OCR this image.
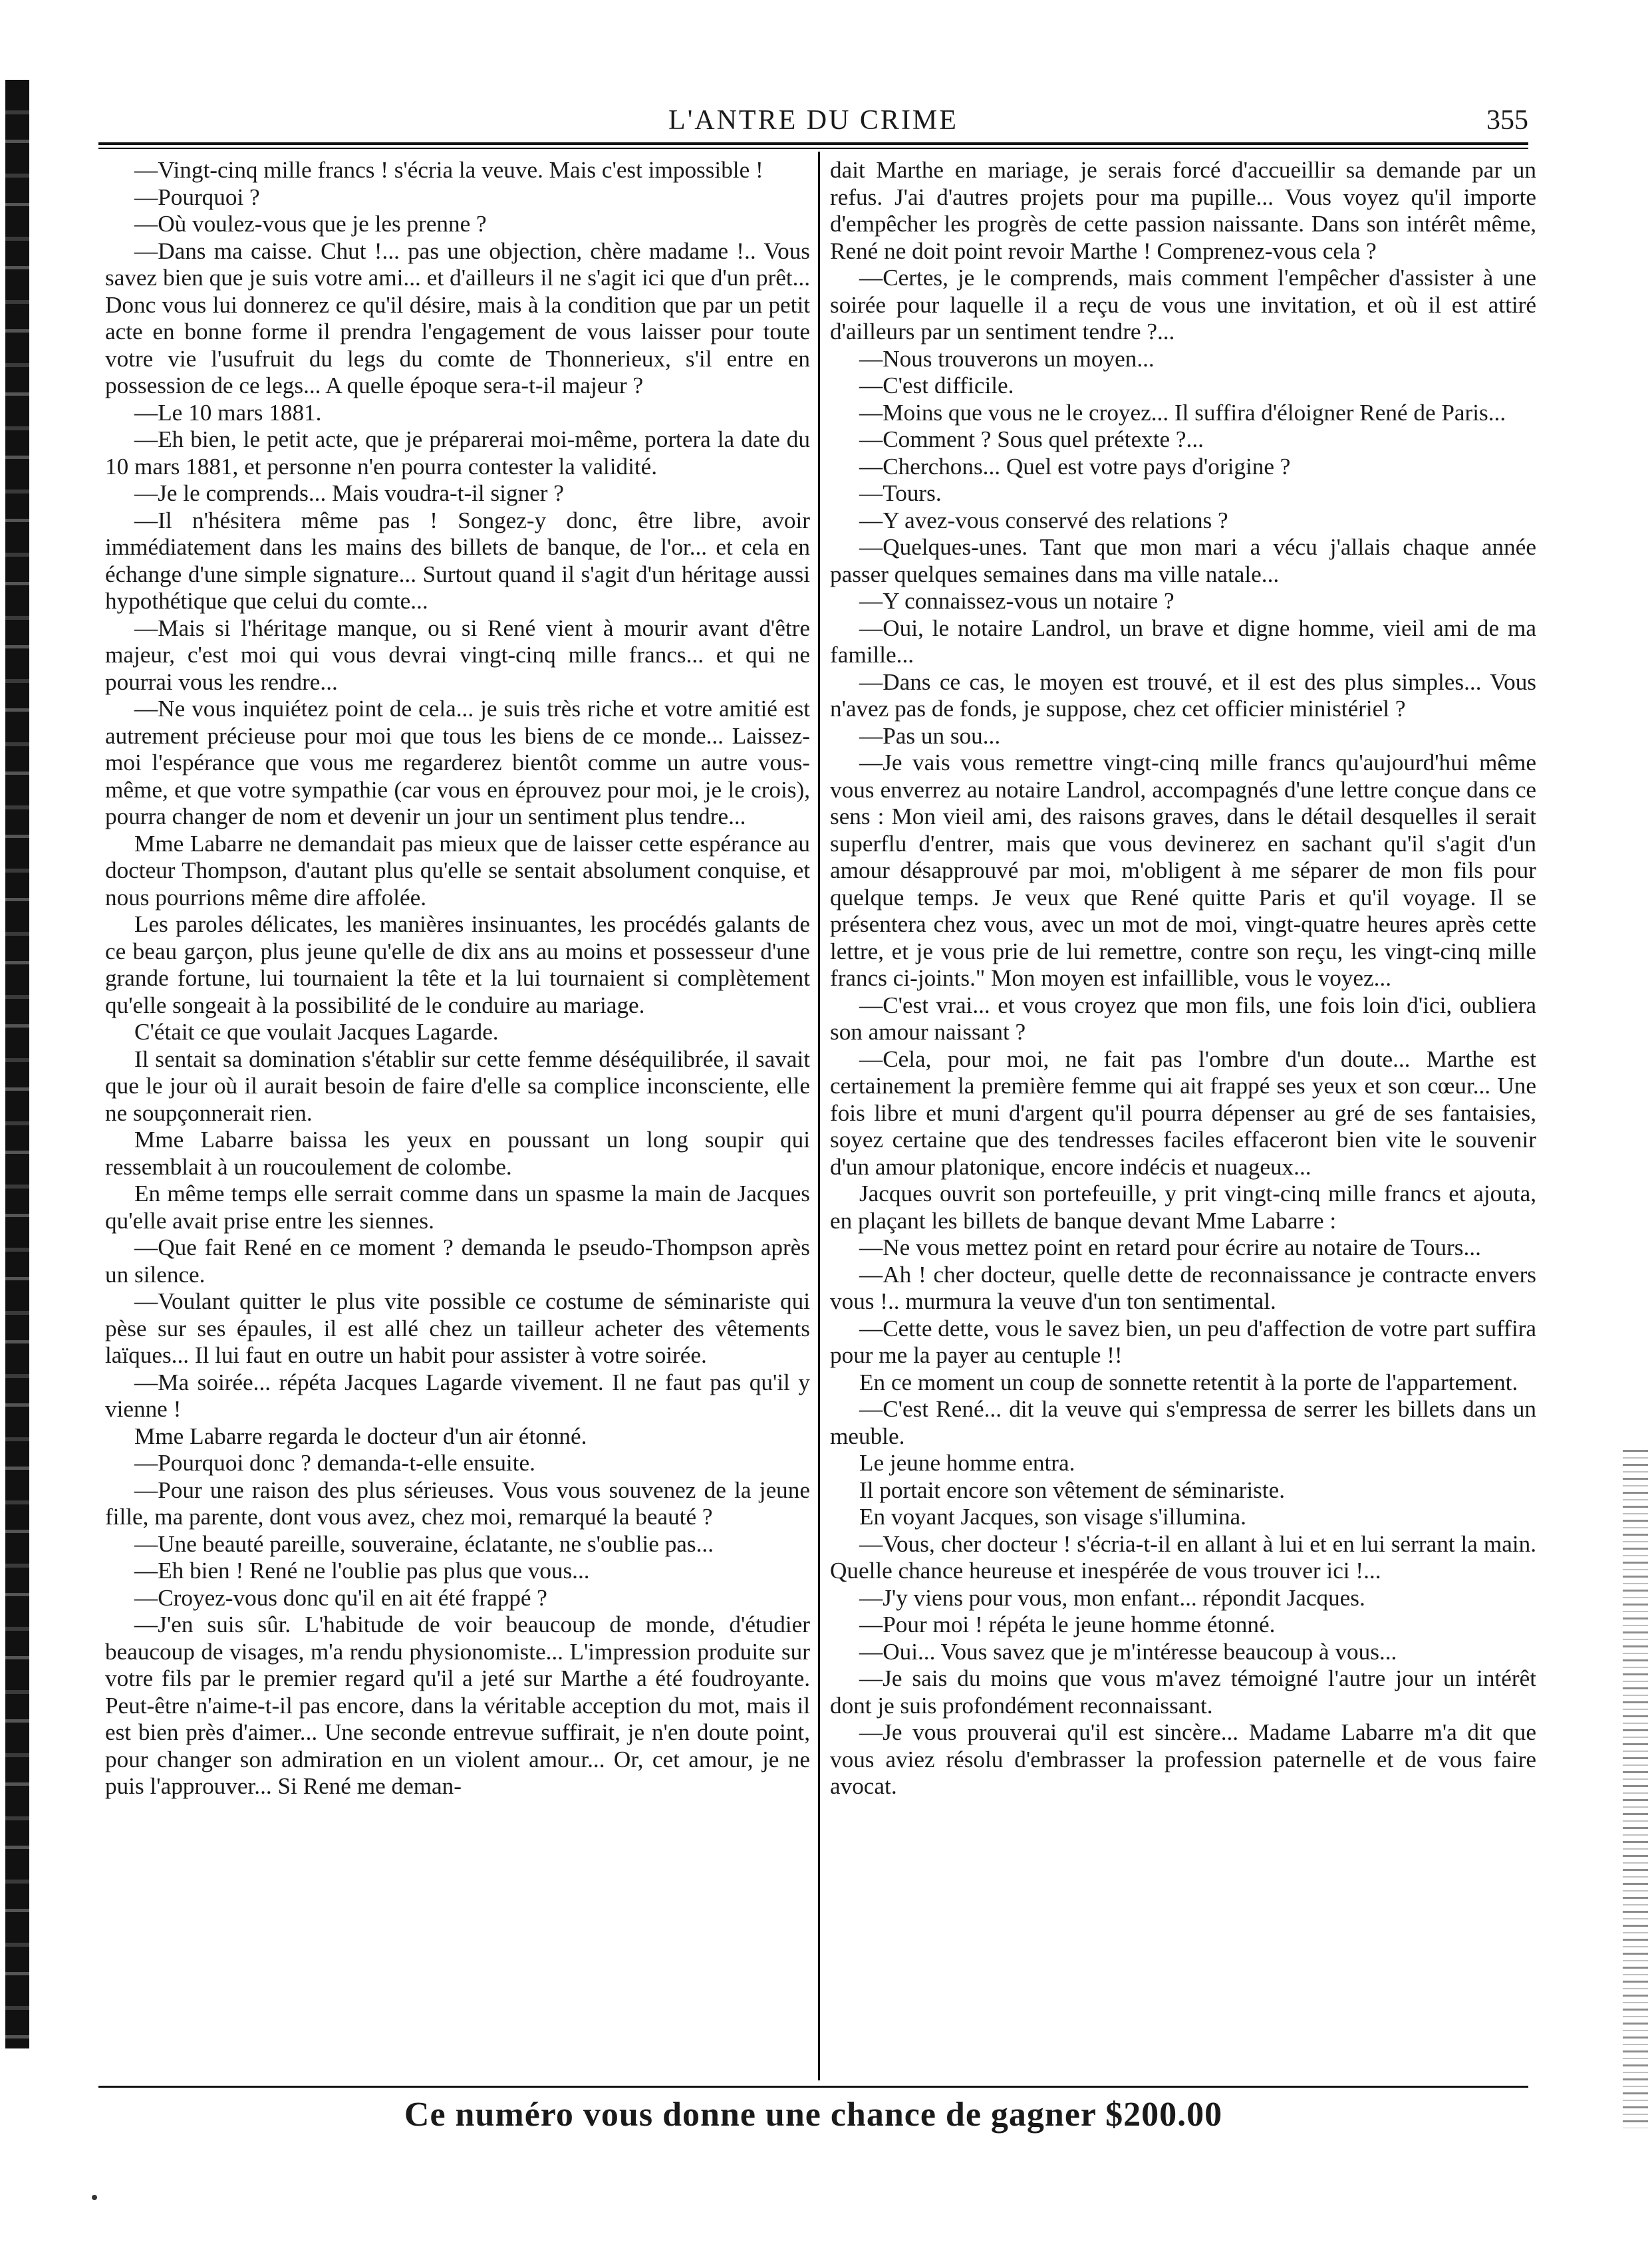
L'ANTRE DU CRIME	355

—Vingt-cinq mille francs ! s'écria la veuve. Mais c'est impossible !

—Pourquoi ?

—Où voulez-vous que je les prenne ?

—Dans ma caisse. Chut !... pas une objection, chère madame !.. Vous savez bien que je suis votre ami... et d'ailleurs il ne s'agit ici que d'un prêt... Donc vous lui donnerez ce qu'il désire, mais à la condition que par un petit acte en bonne forme il prendra l'engagement de vous laisser pour toute votre vie l'usufruit du legs du comte de Thonnerieux, s'il entre en possession de ce legs... A quelle époque sera-t-il majeur ?

—Le 10 mars 1881.

—Eh bien, le petit acte, que je préparerai moi-même, portera la date du 10 mars 1881, et personne n'en pourra contester la validité.

—Je le comprends... Mais voudra-t-il signer ?

—Il n'hésitera même pas ! Songez-y donc, être libre, avoir immédiatement dans les mains des billets de banque, de l'or... et cela en échange d'une simple signature... Surtout quand il s'agit d'un héritage aussi hypothétique que celui du comte...

—Mais si l'héritage manque, ou si René vient à mourir avant d'être majeur, c'est moi qui vous devrai vingt-cinq mille francs... et qui ne pourrai vous les rendre...

—Ne vous inquiétez point de cela... je suis très riche et votre amitié est autrement précieuse pour moi que tous les biens de ce monde... Laissez-moi l'espérance que vous me regarderez bientôt comme un autre vous-même, et que votre sympathie (car vous en éprouvez pour moi, je le crois), pourra changer de nom et devenir un jour un sentiment plus tendre...

Mme Labarre ne demandait pas mieux que de laisser cette espérance au docteur Thompson, d'autant plus qu'elle se sentait absolument conquise, et nous pourrions même dire affolée.

Les paroles délicates, les manières insinuantes, les procédés galants de ce beau garçon, plus jeune qu'elle de dix ans au moins et possesseur d'une grande fortune, lui tournaient la tête et la lui tournaient si complètement qu'elle songeait à la possibilité de le conduire au mariage.

C'était ce que voulait Jacques Lagarde.

Il sentait sa domination s'établir sur cette femme déséquilibrée, il savait que le jour où il aurait besoin de faire d'elle sa complice inconsciente, elle ne soupçonnerait rien.

Mme Labarre baissa les yeux en poussant un long soupir qui ressemblait à un roucoulement de colombe.

En même temps elle serrait comme dans un spasme la main de Jacques qu'elle avait prise entre les siennes.

—Que fait René en ce moment ? demanda le pseudo-Thompson après un silence.

—Voulant quitter le plus vite possible ce costume de séminariste qui pèse sur ses épaules, il est allé chez un tailleur acheter des vêtements laïques... Il lui faut en outre un habit pour assister à votre soirée.

—Ma soirée... répéta Jacques Lagarde vivement. Il ne faut pas qu'il y vienne !

Mme Labarre regarda le docteur d'un air étonné.

—Pourquoi donc ? demanda-t-elle ensuite.

—Pour une raison des plus sérieuses. Vous vous souvenez de la jeune fille, ma parente, dont vous avez, chez moi, remarqué la beauté ?

—Une beauté pareille, souveraine, éclatante, ne s'oublie pas...

—Eh bien ! René ne l'oublie pas plus que vous...

—Croyez-vous donc qu'il en ait été frappé ?

—J'en suis sûr. L'habitude de voir beaucoup de monde, d'étudier beaucoup de visages, m'a rendu physionomiste... L'impression produite sur votre fils par le premier regard qu'il a jeté sur Marthe a été foudroyante. Peut-être n'aime-t-il pas encore, dans la véritable acception du mot, mais il est bien près d'aimer... Une seconde entrevue suffirait, je n'en doute point, pour changer son admiration en un violent amour... Or, cet amour, je ne puis l'approuver... Si René me deman-

dait Marthe en mariage, je serais forcé d'accueillir sa demande par un refus. J'ai d'autres projets pour ma pupille... Vous voyez qu'il importe d'empêcher les progrès de cette passion naissante. Dans son intérêt même, René ne doit point revoir Marthe ! Comprenez-vous cela ?

—Certes, je le comprends, mais comment l'empêcher d'assister à une soirée pour laquelle il a reçu de vous une invitation, et où il est attiré d'ailleurs par un sentiment tendre ?...

—Nous trouverons un moyen...

—C'est difficile.

—Moins que vous ne le croyez... Il suffira d'éloigner René de Paris...

—Comment ? Sous quel prétexte ?...

—Cherchons... Quel est votre pays d'origine ?

—Tours.

—Y avez-vous conservé des relations ?

—Quelques-unes. Tant que mon mari a vécu j'allais chaque année passer quelques semaines dans ma ville natale...

—Y connaissez-vous un notaire ?

—Oui, le notaire Landrol, un brave et digne homme, vieil ami de ma famille...

—Dans ce cas, le moyen est trouvé, et il est des plus simples... Vous n'avez pas de fonds, je suppose, chez cet officier ministériel ?

—Pas un sou...

—Je vais vous remettre vingt-cinq mille francs qu'aujourd'hui même vous enverrez au notaire Landrol, accompagnés d'une lettre conçue dans ce sens : Mon vieil ami, des raisons graves, dans le détail desquelles il serait superflu d'entrer, mais que vous devinerez en sachant qu'il s'agit d'un amour désapprouvé par moi, m'obligent à me séparer de mon fils pour quelque temps. Je veux que René quitte Paris et qu'il voyage. Il se présentera chez vous, avec un mot de moi, vingt-quatre heures après cette lettre, et je vous prie de lui remettre, contre son reçu, les vingt-cinq mille francs ci-joints." Mon moyen est infaillible, vous le voyez...

—C'est vrai... et vous croyez que mon fils, une fois loin d'ici, oubliera son amour naissant ?

—Cela, pour moi, ne fait pas l'ombre d'un doute... Marthe est certainement la première femme qui ait frappé ses yeux et son cœur... Une fois libre et muni d'argent qu'il pourra dépenser au gré de ses fantaisies, soyez certaine que des tendresses faciles effaceront bien vite le souvenir d'un amour platonique, encore indécis et nuageux...

Jacques ouvrit son portefeuille, y prit vingt-cinq mille francs et ajouta, en plaçant les billets de banque devant Mme Labarre :

—Ne vous mettez point en retard pour écrire au notaire de Tours...

—Ah ! cher docteur, quelle dette de reconnaissance je contracte envers vous !.. murmura la veuve d'un ton sentimental.

—Cette dette, vous le savez bien, un peu d'affection de votre part suffira pour me la payer au centuple !!

En ce moment un coup de sonnette retentit à la porte de l'appartement.

—C'est René... dit la veuve qui s'empressa de serrer les billets dans un meuble.

Le jeune homme entra.

Il portait encore son vêtement de séminariste.

En voyant Jacques, son visage s'illumina.

—Vous, cher docteur ! s'écria-t-il en allant à lui et en lui serrant la main. Quelle chance heureuse et inespérée de vous trouver ici !...

—J'y viens pour vous, mon enfant... répondit Jacques.

—Pour moi ! répéta le jeune homme étonné.

—Oui... Vous savez que je m'intéresse beaucoup à vous...

—Je sais du moins que vous m'avez témoigné l'autre jour un intérêt dont je suis profondément reconnaissant.

—Je vous prouverai qu'il est sincère... Madame Labarre m'a dit que vous aviez résolu d'embrasser la profession paternelle et de vous faire avocat.

Ce numéro vous donne une chance de gagner $200.00
